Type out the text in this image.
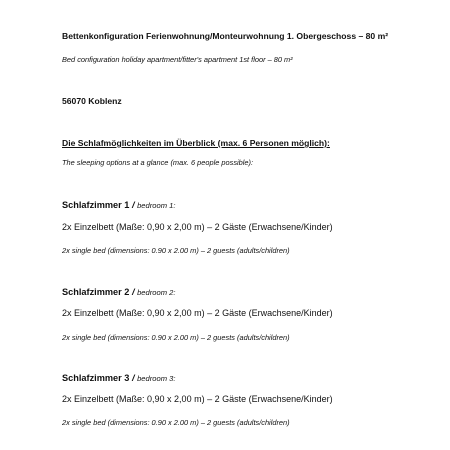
Bettenkonfiguration Ferienwohnung/Monteurwohnung 1. Obergeschoss – 80 m²

Bed configuration holiday apartment/fitter's apartment 1st floor – 80 m²

56070 Koblenz

Die Schlafmöglichkeiten im Überblick (max. 6 Personen möglich):

The sleeping options at a glance (max. 6 people possible):

Schlafzimmer 1 / bedroom 1:

2x Einzelbett (Maße: 0,90 x 2,00 m) – 2 Gäste (Erwachsene/Kinder)

2x single bed (dimensions: 0.90 x 2.00 m) – 2 guests (adults/children)

Schlafzimmer 2 / bedroom 2:

2x Einzelbett (Maße: 0,90 x 2,00 m) – 2 Gäste (Erwachsene/Kinder)

2x single bed (dimensions: 0.90 x 2.00 m) – 2 guests (adults/children)

Schlafzimmer 3 / bedroom 3:

2x Einzelbett (Maße: 0,90 x 2,00 m) – 2 Gäste (Erwachsene/Kinder)

2x single bed (dimensions: 0.90 x 2.00 m) – 2 guests (adults/children)
